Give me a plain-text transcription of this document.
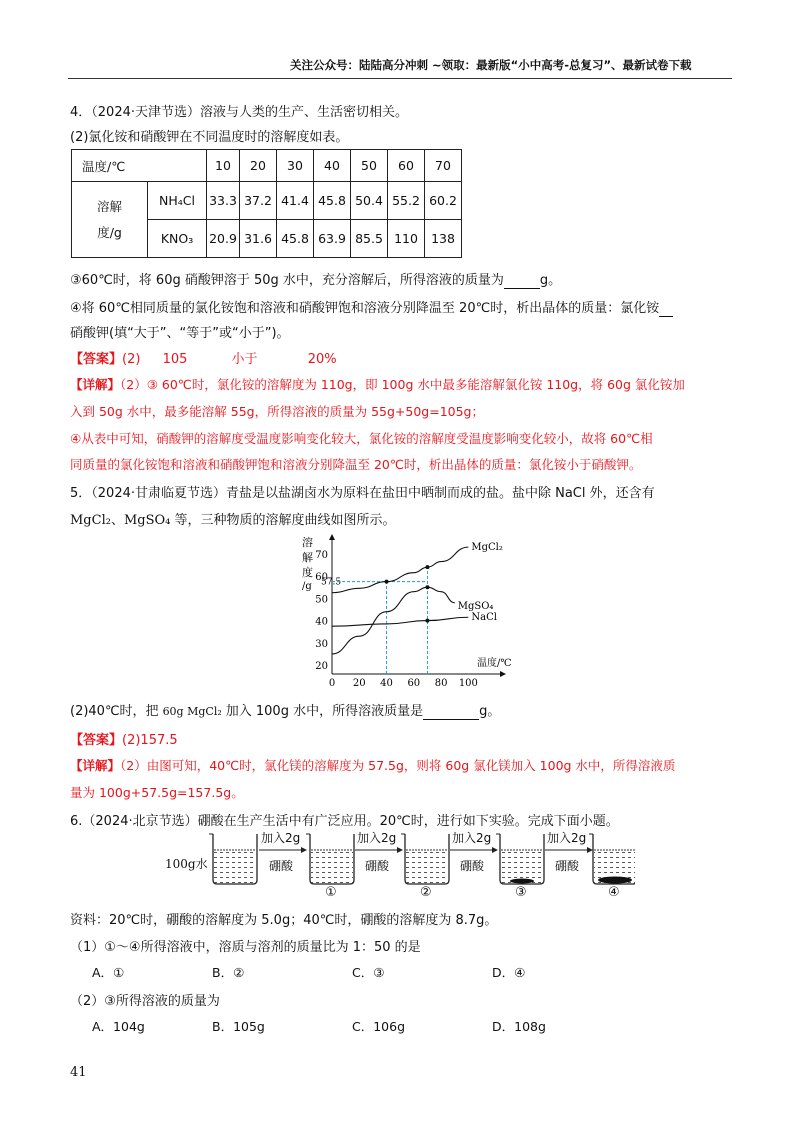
关注公众号：陆陆高分冲刺 ~领取：最新版“小中高考-总复习”、最新试卷下载
4．（2024·天津节选）溶液与人类的生产、生活密切相关。
(2)氯化铵和硝酸钾在不同温度时的溶解度如表。
温度/℃		10	20	30	40	50	60	70
溶解
度/g	NH₄Cl	33.3	37.2	41.4	45.8	50.4	55.2	60.2
	KNO₃	20.9	31.6	45.8	63.9	85.5	110	138
③60℃时，将 60g 硝酸钾溶于 50g 水中，充分溶解后，所得溶液的质量为	g。
④将 60℃相同质量的氯化铵饱和溶液和硝酸钾饱和溶液分别降温至 20℃时，析出晶体的质量：氯化铵
硝酸钾(填“大于”、“等于”或“小于”)。
【答案】(2) 105	小于	20%
【详解】（2）③ 60℃时，氯化铵的溶解度为 110g，即 100g 水中最多能溶解氯化铵 110g，将 60g 氯化铵加
入到 50g 水中，最多能溶解 55g，所得溶液的质量为 55g+50g=105g；
④从表中可知，硝酸钾的溶解度受温度影响变化较大，氯化铵的溶解度受温度影响变化较小，故将 60℃相
同质量的氯化铵饱和溶液和硝酸钾饱和溶液分别降温至 20℃时，析出晶体的质量：氯化铵小于硝酸钾。
5．（2024·甘肃临夏节选）青盐是以盐湖卤水为原料在盐田中晒制而成的盐。盐中除 NaCl 外，还含有
MgCl₂、MgSO₄ 等，三种物质的溶解度曲线如图所示。
溶
解
度
/g 57.5
20
30
40
50
60
70
0 20 40 60 80 100
温度/℃
MgCl₂
MgSO₄
NaCl
(2)40℃时，把 60g MgCl₂ 加入 100g 水中，所得溶液质量是	g。
【答案】(2)157.5
【详解】（2）由图可知，40℃时，氯化镁的溶解度为 57.5g，则将 60g 氯化镁加入 100g 水中，所得溶液质
量为 100g+57.5g=157.5g。
6.（2024·北京节选）硼酸在生产生活中有广泛应用。20℃时，进行如下实验。完成下面小题。
100g水
加入2g
硼酸
加入2g
硼酸
加入2g
硼酸
加入2g
硼酸
①	②	③	④
资料：20℃时，硼酸的溶解度为 5.0g；40℃时，硼酸的溶解度为 8.7g。
（1）①～④所得溶液中，溶质与溶剂的质量比为 1：50 的是
A．①	B．②	C．③	D．④
（2）③所得溶液的质量为
A．104g	B．105g	C．106g	D．108g
41
